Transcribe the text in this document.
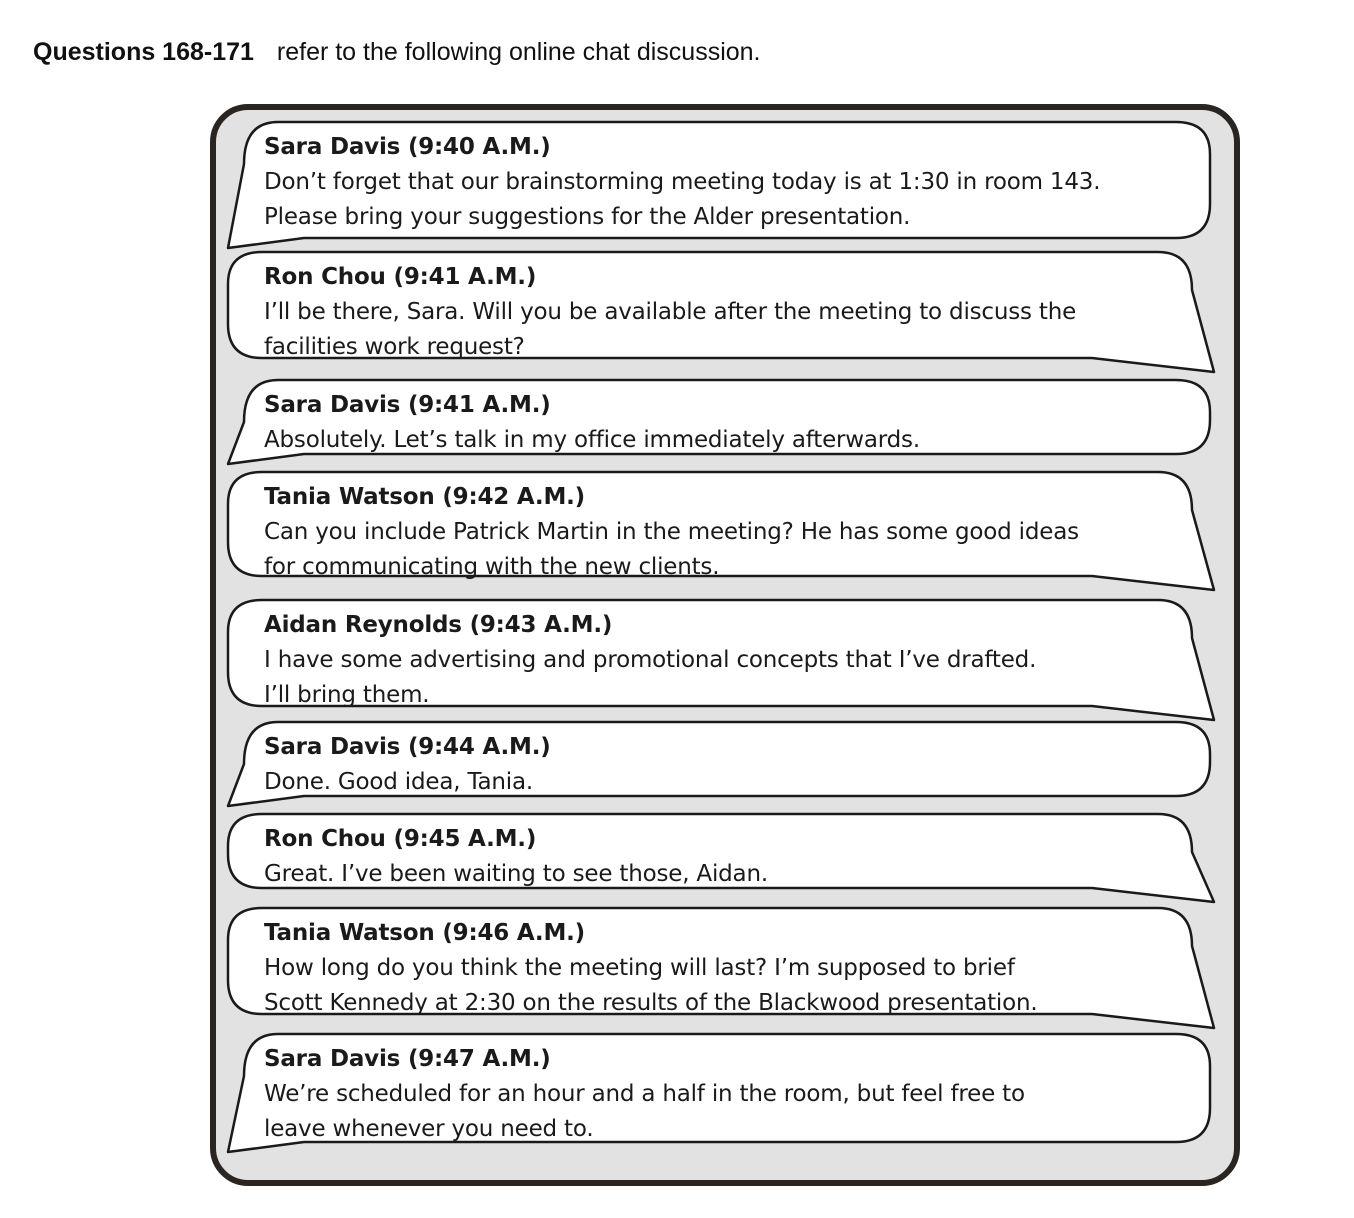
Questions 168-171 refer to the following online chat discussion.
Sara Davis (9:40 A.M.)
Don’t forget that our brainstorming meeting today is at 1:30 in room 143.
Please bring your suggestions for the Alder presentation.
Ron Chou (9:41 A.M.)
I’ll be there, Sara. Will you be available after the meeting to discuss the
facilities work request?
Sara Davis (9:41 A.M.)
Absolutely. Let’s talk in my office immediately afterwards.
Tania Watson (9:42 A.M.)
Can you include Patrick Martin in the meeting? He has some good ideas
for communicating with the new clients.
Aidan Reynolds (9:43 A.M.)
I have some advertising and promotional concepts that I’ve drafted.
I’ll bring them.
Sara Davis (9:44 A.M.)
Done. Good idea, Tania.
Ron Chou (9:45 A.M.)
Great. I’ve been waiting to see those, Aidan.
Tania Watson (9:46 A.M.)
How long do you think the meeting will last? I’m supposed to brief
Scott Kennedy at 2:30 on the results of the Blackwood presentation.
Sara Davis (9:47 A.M.)
We’re scheduled for an hour and a half in the room, but feel free to
leave whenever you need to.
